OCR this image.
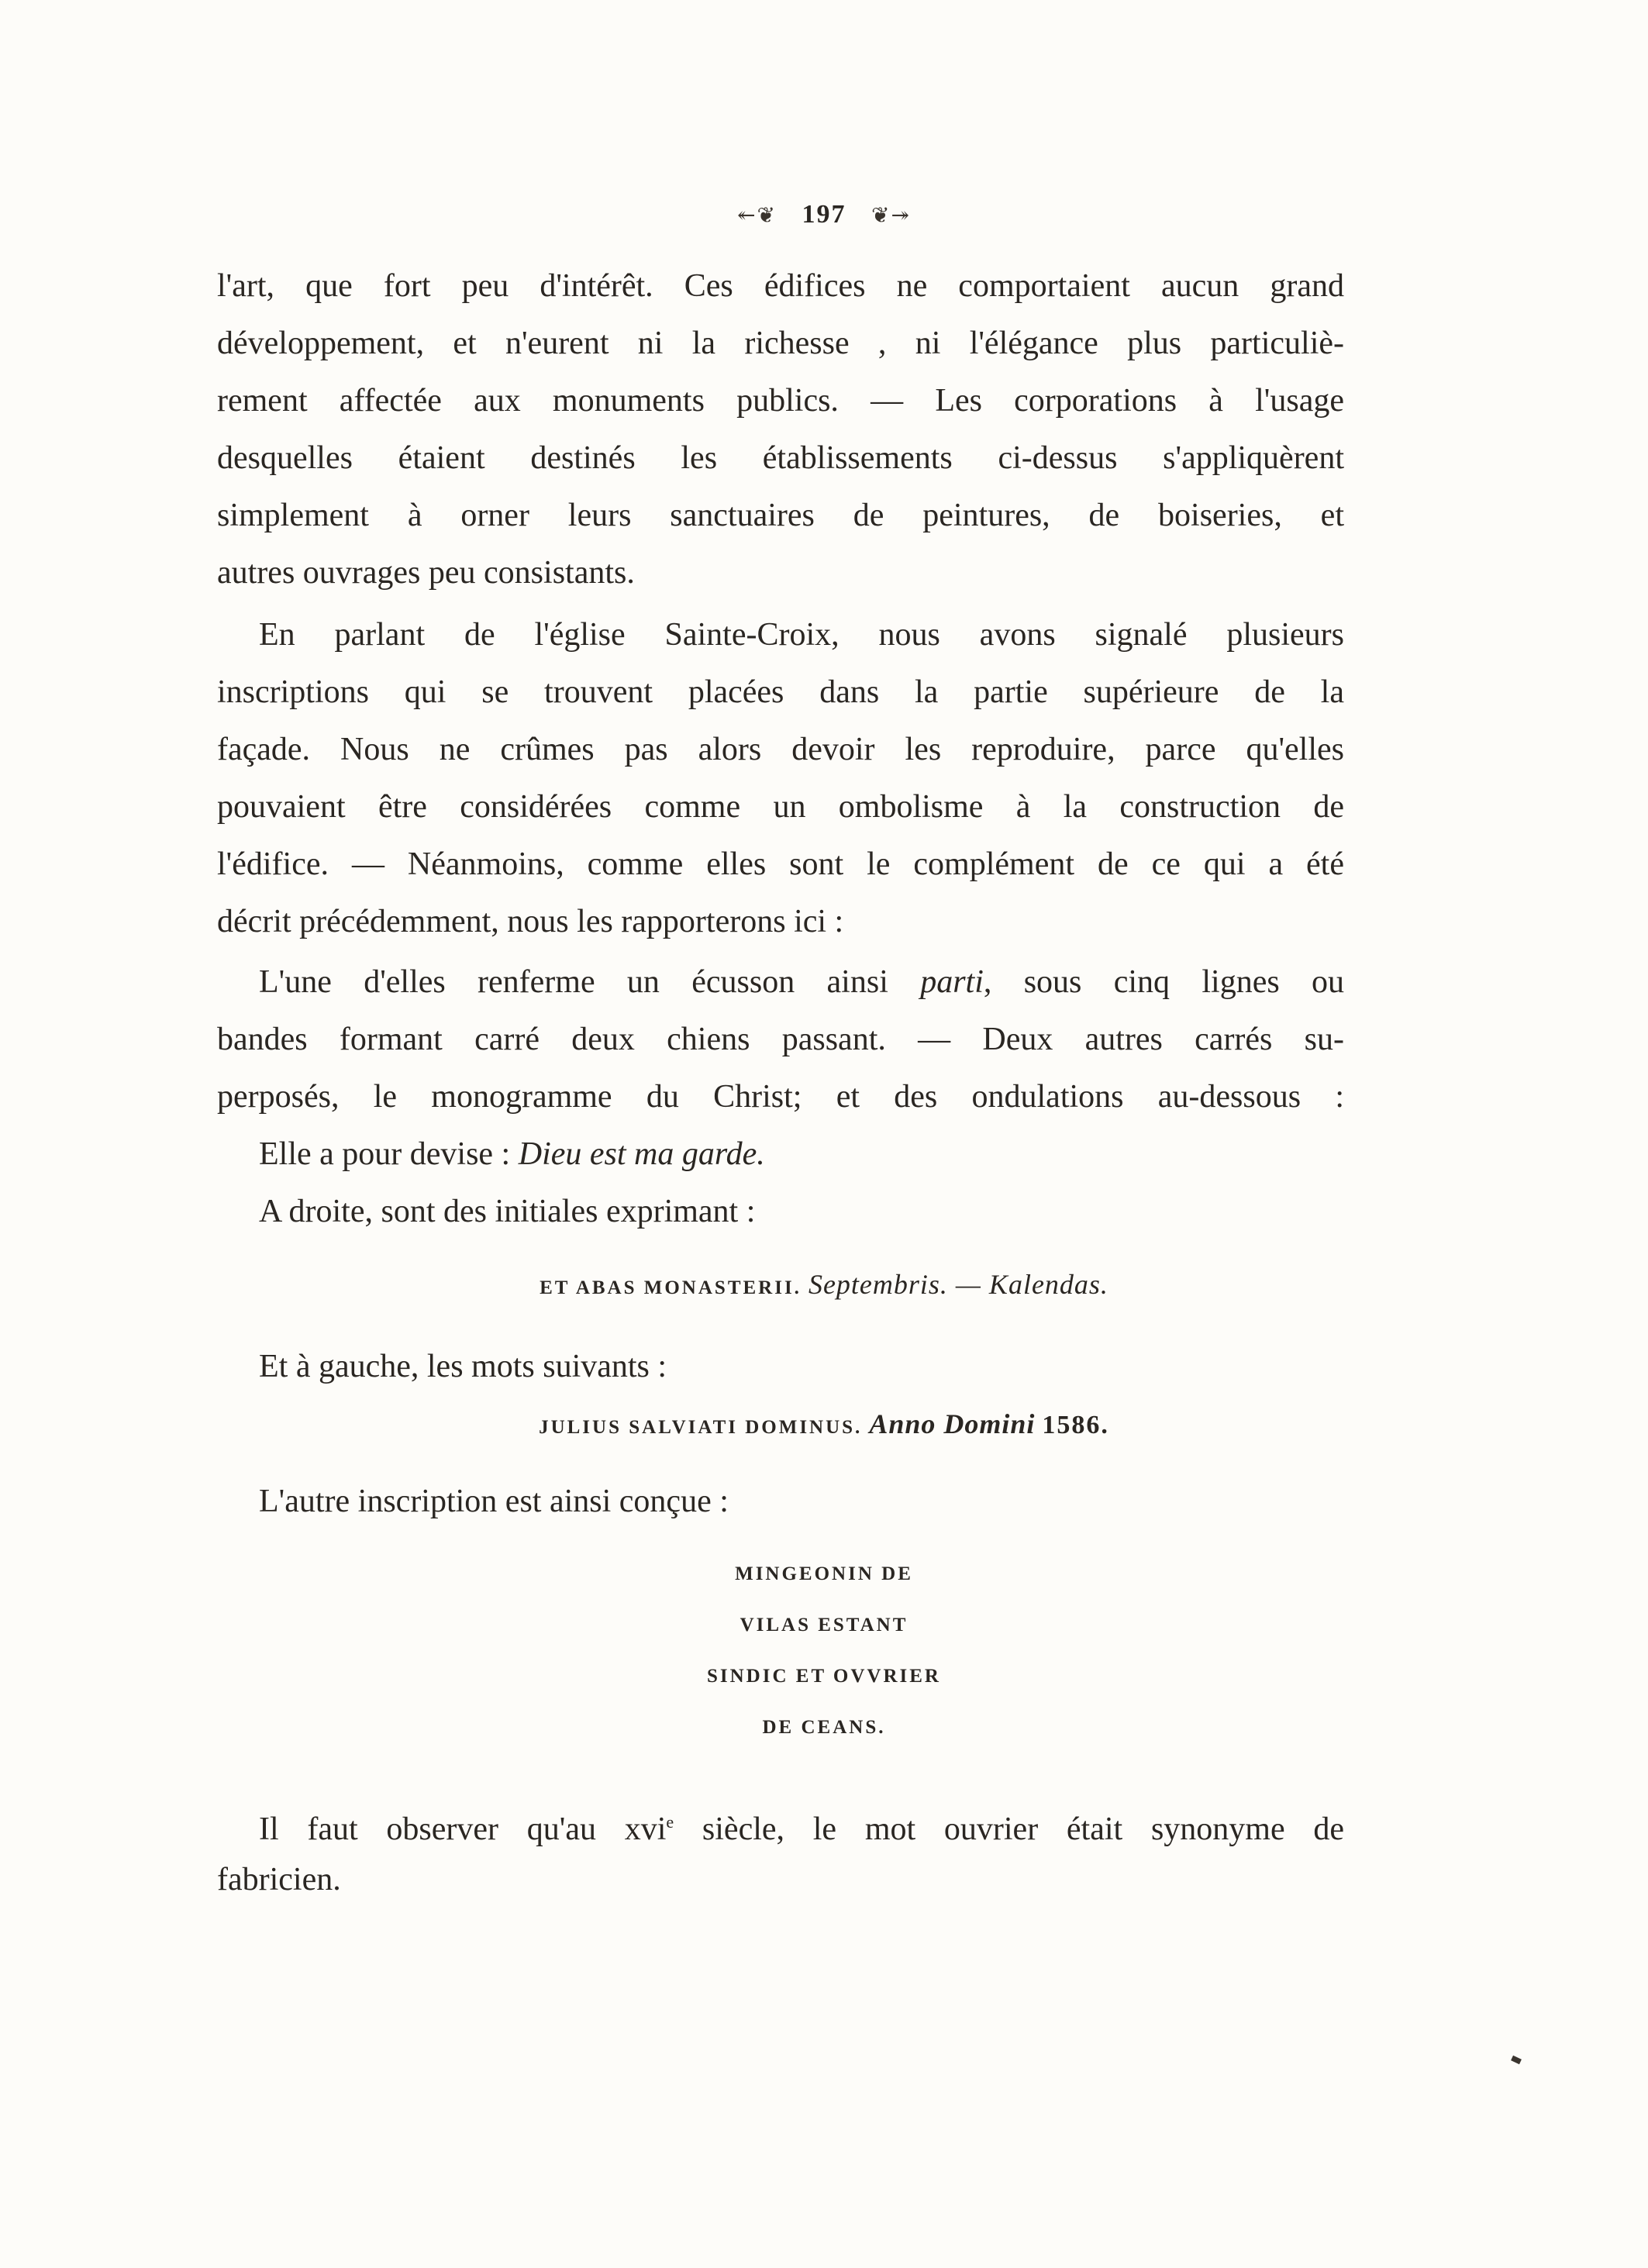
↞❦ 197 ❦↠
l'art, que fort peu d'intérêt. Ces édifices ne comportaient aucun grand
développement, et n'eurent ni la richesse , ni l'élégance plus particuliè-
rement affectée aux monuments publics. — Les corporations à l'usage
desquelles étaient destinés les établissements ci-dessus s'appliquèrent
simplement à orner leurs sanctuaires de peintures, de boiseries, et
autres ouvrages peu consistants.
En parlant de l'église Sainte-Croix, nous avons signalé plusieurs
inscriptions qui se trouvent placées dans la partie supérieure de la
façade. Nous ne crûmes pas alors devoir les reproduire, parce qu'elles
pouvaient être considérées comme un ombolisme à la construction de
l'édifice. — Néanmoins, comme elles sont le complément de ce qui a été
décrit précédemment, nous les rapporterons ici :
L'une d'elles renferme un écusson ainsi parti, sous cinq lignes ou
bandes formant carré deux chiens passant. — Deux autres carrés su-
perposés, le monogramme du Christ; et des ondulations au-dessous :
Elle a pour devise : Dieu est ma garde.
A droite, sont des initiales exprimant :
ET ABAS MONASTERII. Septembris. — Kalendas.
Et à gauche, les mots suivants :
JULIUS SALVIATI DOMINUS. Anno Domini 1586.
L'autre inscription est ainsi conçue :
MINGEONIN DE
VILAS ESTANT
SINDIC ET OVVRIER
DE CEANS.
Il faut observer qu'au xvi$^e$ siècle, le mot ouvrier était synonyme de
fabricien.
